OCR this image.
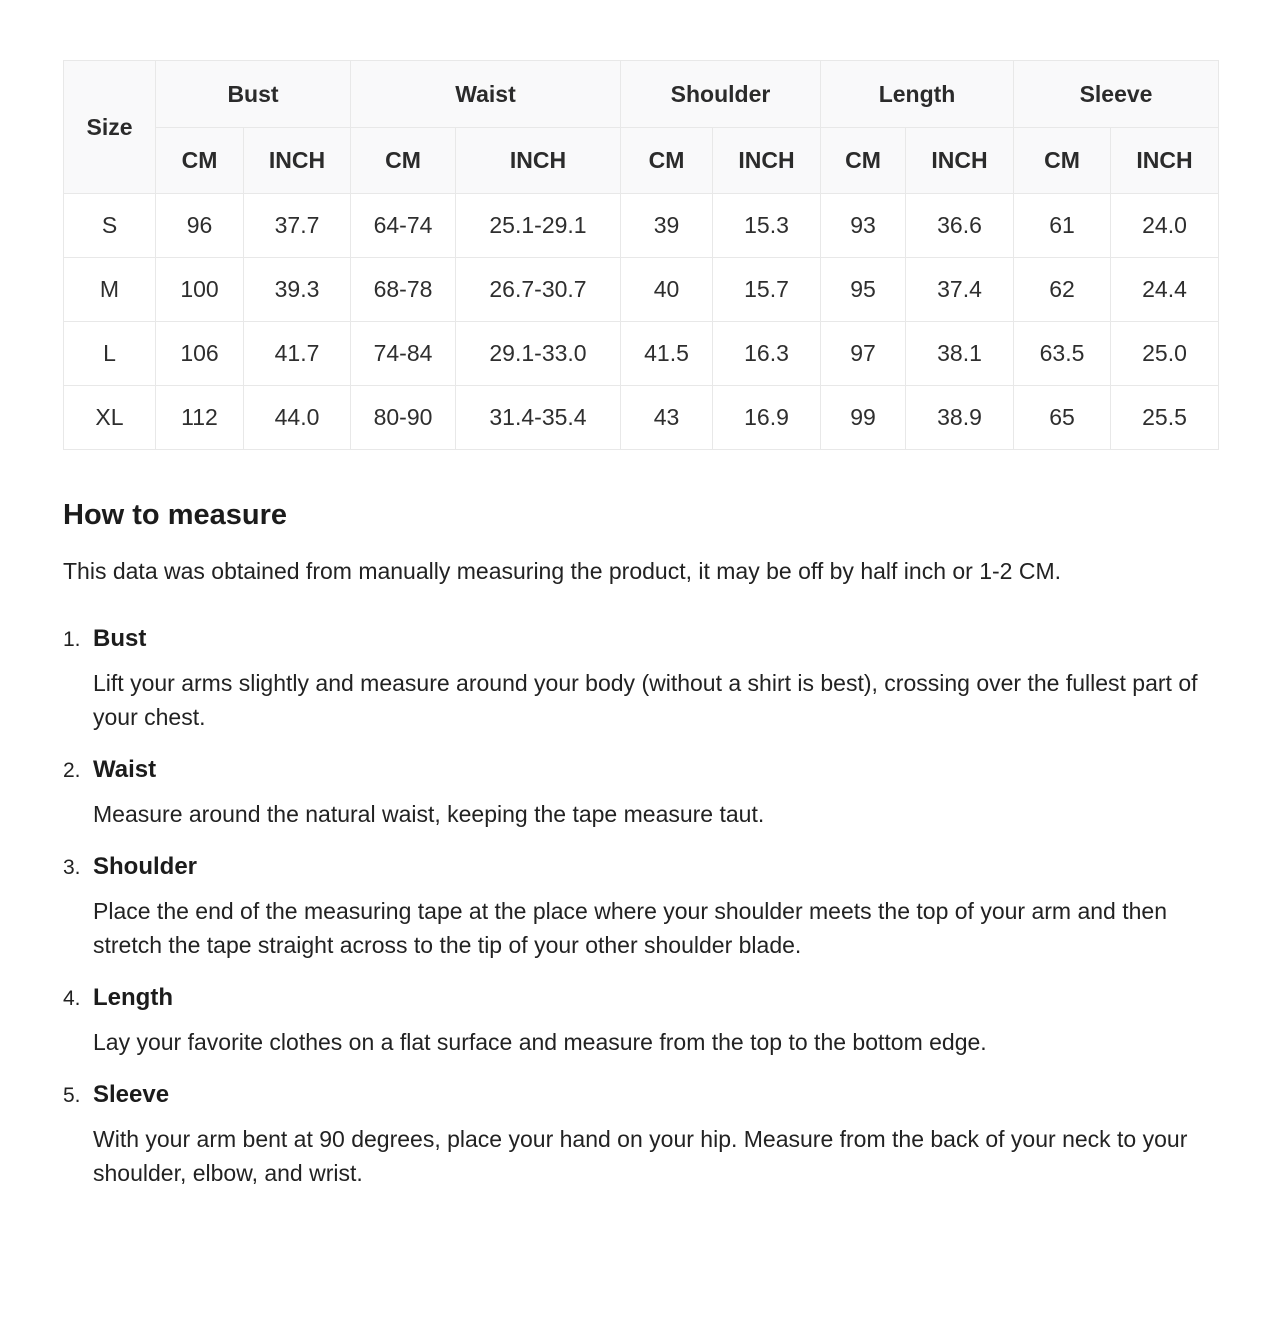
Size	Bust		Waist		Shoulder		Length		Sleeve	
	CM	INCH	CM	INCH	CM	INCH	CM	INCH	CM	INCH
S	96	37.7	64-74	25.1-29.1	39	15.3	93	36.6	61	24.0
M	100	39.3	68-78	26.7-30.7	40	15.7	95	37.4	62	24.4
L	106	41.7	74-84	29.1-33.0	41.5	16.3	97	38.1	63.5	25.0
XL	112	44.0	80-90	31.4-35.4	43	16.9	99	38.9	65	25.5
How to measure

This data was obtained from manually measuring the product, it may be off by half inch or 1-2 CM.

1. Bust

Lift your arms slightly and measure around your body (without a shirt is best), crossing over the fullest part of your chest.

2. Waist

Measure around the natural waist, keeping the tape measure taut.

3. Shoulder

Place the end of the measuring tape at the place where your shoulder meets the top of your arm and then stretch the tape straight across to the tip of your other shoulder blade.

4. Length

Lay your favorite clothes on a flat surface and measure from the top to the bottom edge.

5. Sleeve

With your arm bent at 90 degrees, place your hand on your hip. Measure from the back of your neck to your shoulder, elbow, and wrist.
